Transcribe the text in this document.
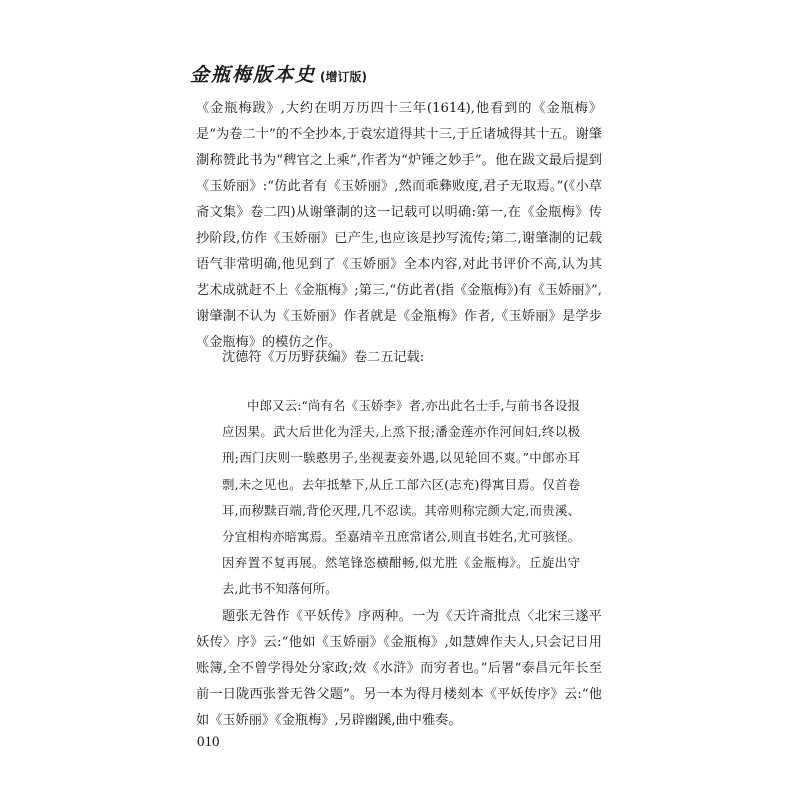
金瓶梅版本史 (增订版)

《金瓶梅跋》,大约在明万历四十三年(1614),他看到的《金瓶梅》是“为卷二十”的不全抄本,于袁宏道得其十三,于丘诸城得其十五。谢肇淛称赞此书为“稗官之上乘”,作者为“炉锤之妙手”。他在跋文最后提到《玉娇丽》:“仿此者有《玉娇丽》,然而乖彝败度,君子无取焉。”(《小草斋文集》卷二四)从谢肇淛的这一记载可以明确:第一,在《金瓶梅》传抄阶段,仿作《玉娇丽》已产生,也应该是抄写流传;第二,谢肇淛的记载语气非常明确,他见到了《玉娇丽》全本内容,对此书评价不高,认为其艺术成就赶不上《金瓶梅》;第三,“仿此者(指《金瓶梅》)有《玉娇丽》”,谢肇淛不认为《玉娇丽》作者就是《金瓶梅》作者,《玉娇丽》是学步《金瓶梅》的模仿之作。

沈德符《万历野获编》卷二五记载:

中郎又云:“尚有名《玉娇李》者,亦出此名士手,与前书各设报应因果。武大后世化为淫夫,上烝下报;潘金莲亦作河间妇,终以极刑;西门庆则一騃憨男子,坐视妻妾外遇,以见轮回不爽。”中郎亦耳剽,未之见也。去年抵辇下,从丘工部六区(志充)得寓目焉。仅首卷耳,而秽黩百端,背伦灭理,几不忍读。其帝则称完颜大定,而贵溪、分宜相构亦暗寓焉。至嘉靖辛丑庶常诸公,则直书姓名,尤可骇怪。因弃置不复再展。然笔锋恣横酣畅,似尤胜《金瓶梅》。丘旋出守去,此书不知落何所。

题张无咎作《平妖传》序两种。一为《天许斋批点〈北宋三遂平妖传〉序》云:“他如《玉娇丽》《金瓶梅》,如慧婢作夫人,只会记日用账簿,全不曾学得处分家政;效《水浒》而穷者也。”后署“泰昌元年长至前一日陇西张誉无咎父题”。另一本为得月楼刻本《平妖传序》云:“他如《玉娇丽》《金瓶梅》,另辟幽蹊,曲中雅奏。

010
